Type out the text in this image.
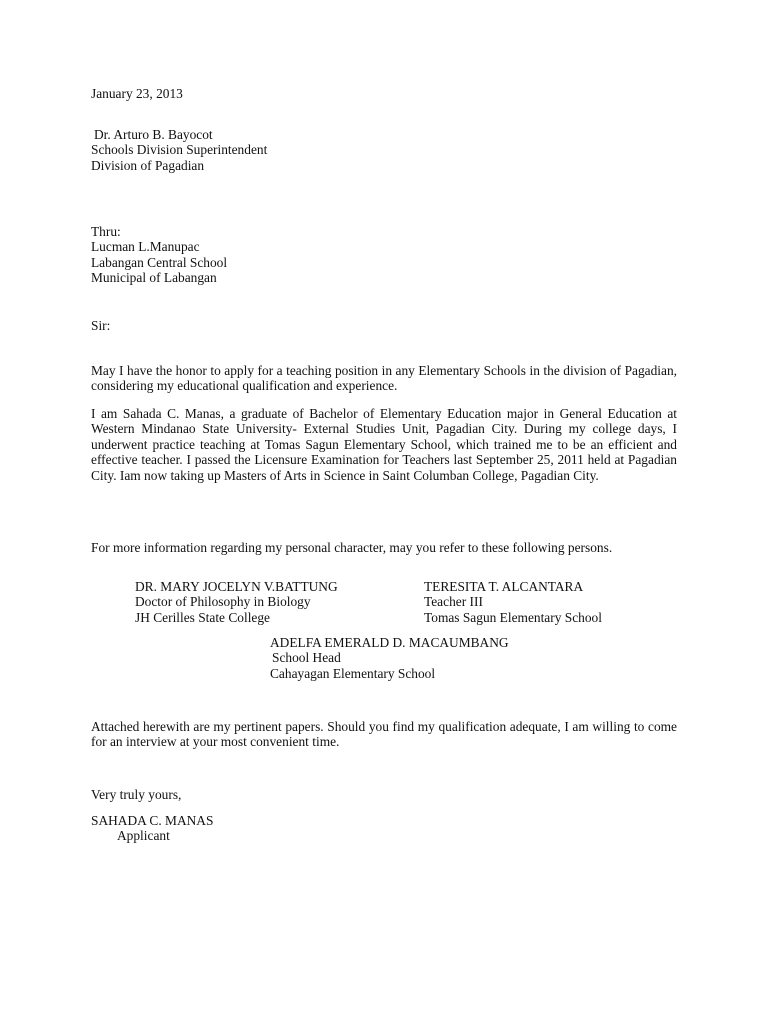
January 23, 2013

Dr. Arturo B. Bayocot
Schools Division Superintendent
Division of Pagadian
Thru:
Lucman L.Manupac
Labangan Central School
Municipal of Labangan

Sir:

May I have the honor to apply for a teaching position in any Elementary Schools in the division of Pagadian, considering my educational qualification and experience.

I am Sahada C. Manas, a graduate of Bachelor of Elementary Education major in General Education at Western Mindanao State University- External Studies Unit, Pagadian City. During my college days, I underwent practice teaching at Tomas Sagun Elementary School, which trained me to be an efficient and effective teacher. I passed the Licensure Examination for Teachers last September 25, 2011 held at Pagadian City. Iam now taking up Masters of Arts in Science in Saint Columban College, Pagadian City.

For more information regarding my personal character, may you refer to these following persons.

DR. MARY JOCELYN V.BATTUNG
Doctor of Philosophy in Biology
JH Cerilles State College
TERESITA T. ALCANTARA
Teacher III
Tomas Sagun Elementary School
ADELFA EMERALD D. MACAUMBANG
School Head
Cahayagan Elementary School

Attached herewith are my pertinent papers. Should you find my qualification adequate, I am willing to come for an interview at your most convenient time.

Very truly yours,

SAHADA C. MANAS
Applicant
